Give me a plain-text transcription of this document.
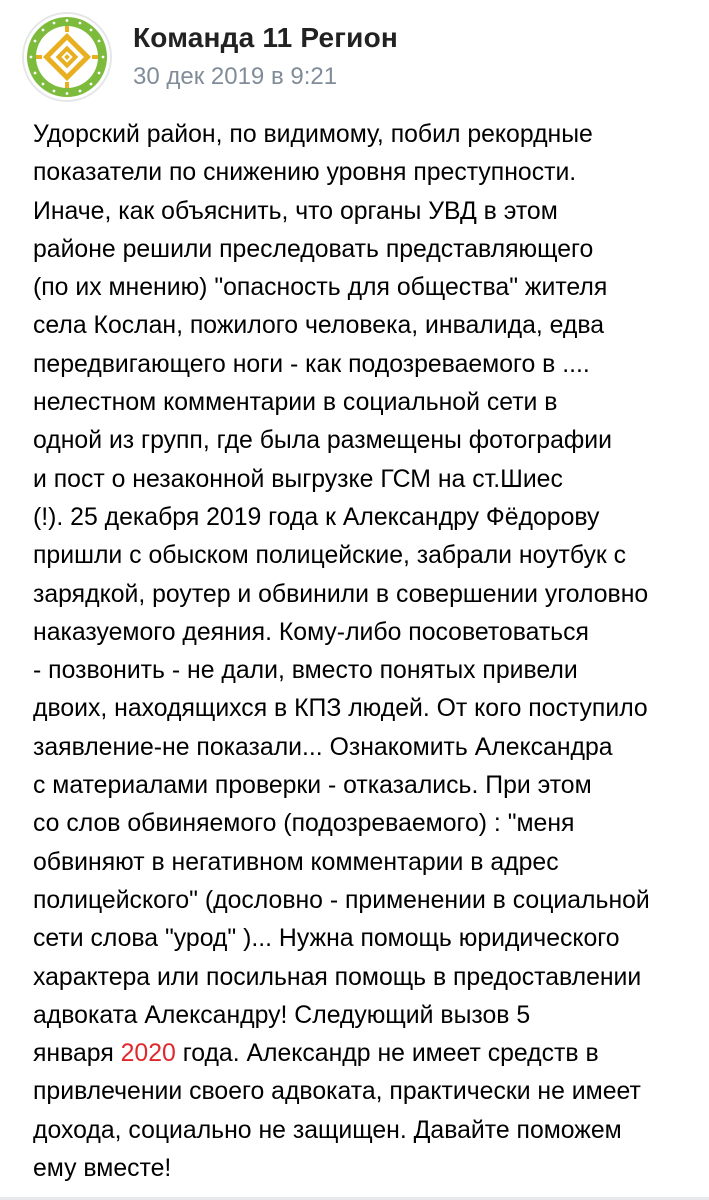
Команда 11 Регион
30 дек 2019 в 9:21
Удорский район, по видимому, побил рекордные
показатели по снижению уровня преступности.
Иначе, как объяснить, что органы УВД в этом
районе решили преследовать представляющего
(по их мнению) "опасность для общества" жителя
села Кослан, пожилого человека, инвалида, едва
передвигающего ноги - как подозреваемого в ....
нелестном комментарии в социальной сети в
одной из групп, где была размещены фотографии
и пост о незаконной выгрузке ГСМ на ст.Шиес
(!). 25 декабря 2019 года к Александру Фёдорову
пришли с обыском полицейские, забрали ноутбук с
зарядкой, роутер и обвинили в совершении уголовно
наказуемого деяния. Кому-либо посоветоваться
- позвонить - не дали, вместо понятых привели
двоих, находящихся в КПЗ людей. От кого поступило
заявление-не показали... Ознакомить Александра
с материалами проверки - отказались. При этом
со слов обвиняемого (подозреваемого) : "меня
обвиняют в негативном комментарии в адрес
полицейского" (дословно - применении в социальной
сети слова "урод" )... Нужна помощь юридического
характера или посильная помощь в предоставлении
адвоката Александру! Следующий вызов 5
января 2020 года. Александр не имеет средств в
привлечении своего адвоката, практически не имеет
дохода, социально не защищен. Давайте поможем
ему вместе!
